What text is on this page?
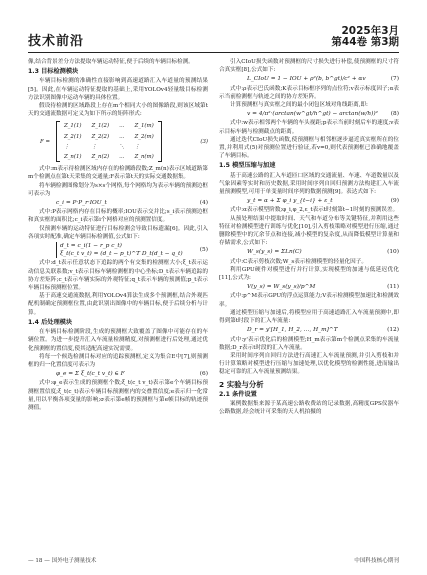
技术前沿
2025年3月
第44卷 第3期

像,结合背景差分方法提取车辆运动特征,便于后续的车辆目标检测。

1.3 目标检测模块

车辆目标检测的准确性直接影响到高速道路汇入车道量的预测结果[5]。因此,在车辆运动特征提取的基础上,采用YOLOv4轻量级目标检测方法识别图像中运动车辆的具体位置。

假设待检测的区域路段上存在m个相同大小的图像路段,则该区域第t天的交通流数据可定义为如下所示的矩阵形式:

F =
Z_1(1) Z_1(2) … Z_1(m)
Z_2(1) Z_2(2) … Z_2(m)
⋮	⋮	⋱ ⋮
Z_n(1) Z_n(2) … Z_n(m)
(3)

式中:m表示待检测区域内存在的检测路段数;Z_m(n)表示区域道路第m个检测点在第t天采集的交通量;F表示第t天的实际交通数据集。

将车辆检测图像划分为s×s个网格,每个网格均为表示车辆的预测边框可表示为

c_i = P·P_r·IOU_t	(4)

式中:P表示网格内存在目标的概率;IOU表示交并比;s_i表示预测边框和真实框的面积比;c_i表示第i个网格对应的预测置信度。

仅预测车辆的运动特征进行目标检测会导致目标遗漏[6]。因此,引入各项实时配准,确定车辆目标检测值,公式如下:

d_t = c_i(1 − r_p c_t)
ξ_t(c_t v_t) = (d_t − p_t)^T D_t(d_t − q_t)
(5)

式中:d_t表示任意状态下追踪的两个有交集的检测框大小;ξ_t表示运动信息关联系数;v_t表示目标车辆检测框的中心坐标;D_t表示车辆追踪的协方差矩阵;c_t表示车辆实际的外观特征;q_t表示车辆的预测值;p_t表示车辆目标预测框位置。

基于高速交通流数据,利用YOLOv4算法生成多个预测框,结合外观匹配机制确定预测框位置,由此识别出图像中的车辆目标,便于后续分析与计算。

1.4 后处理模块

在车辆目标检测阶段,生成的预测框大致覆盖了图像中可能存在的车辆位置。为进一步提升汇入车流量检测精度,对预测框进行后处理,通过优化预测框的置信度,使其适配高速实况需要。

将每一个候选检测目标对应的追踪预测框,定义为集合E中[7],则预测框的归一化置信度可表示为

φ_e = Σ ξ_t(c_t v_t) ∈ F	(6)

式中:φ_e表示生成的预测框个数;ξ_t(c_t v_t)表示第e个车辆目标预测框置信度;ξ_t(c_t)表示车辆目标预测框内的交叠置信度;e表示归一化常量,用以平衡各项变量的影响;σ表示第e帧的预测框与第e帧目标的轨迹预测值。

引入CIoU损失函数对预测框的尺寸损失进行补偿,使预测框的尺寸符合真实框[8],公式如下:

L_CIoU = 1 − IOU + ρ²(b, b^gt)/c² + αv	(7)

式中:ρ表示巴氏函数;K表示目标框序列的点位符;v表示标度因子;α表示当前检测框与轨迹之间的协方差矩阵。

计算预测框与真实框之间的最小闭包区域对角线距离,即:

v = 4/π²·(arctan(w^gt/h^gt) − arctan(w/h))² (8)

式中:w表示相邻两个车辆的车头视距;p表示当前时刻后车的速度;v表示目标车辆与检测截点的距离。

通过迭代CIoU损失函数,使预测框与相邻框逐步逼近真实框所在的位置,并利用式(5)对预测位置进行验证,若v=0,则代表预测框已准确地覆盖了车辆目标。

1.5 模型压缩与加速

基于高速公路的汇入车道匝口区域的交通流量、车速、车道数量以及气象因素等实时和历史数据,采用时间序列自回归预测方法构建汇入车流量预测模型,可用于单变量时间序列的数据预测[9]。表达式如下:

y_t = α + Σ φ_i y_{t−i} + ε_t	(9)

式中:α表示模型阶数;φ_i,φ_2,ε_t表示t时刻第t−1时刻的预测误差。

从预处理结果中提取时间、天气和车道分布等关键特征,并利用这些特征对检测模型进行训练与优化[10],引入剪枝策略对模型进行压缩,通过删除模型中的冗余节点和连接,减小模型的复杂度,从而降低模型计算量和存储需求,公式如下:

W_s(y_s) = ΣLn(C)	(10)

式中:C表示剪枝次数;W_s表示检测模型的轻量化因子。

利用GPU硬件对模型进行并行计算,实现模型的加速与低延迟优化[11],公式为:

V(y_s) = W_s(y_s)/p^M	(11)

式中:p^M表示GPU的浮点运算能力;V表示检测模型加速比和检测效率。

通过模型压缩与加速后,将模型应用于高速道路汇入车流量预测中,即得到第t时段下的汇入车流量:

D_r = y'[H_1, H_2, …, H_m]^T	(12)

式中:y'表示优化后的检测模型;H_m表示第m个检测点采集的车流量数据;D_r表示t时段的汇入车流量。

采用时间序列自回归方法进行高速汇入车流量预测,并引入剪枝和并行计算策略对模型进行压缩与加速处理,以优化模型的检测性能,进而输出稳定可靠的汇入车流量预测结果。

2 实验与分析
2.1 条件设置

案例数据集来源于某高速公路收费站的记录数据,高精度GPS仪器车公路数据,经会统计可采集的天人机拍摄的

— 18 — 国外电子测量技术	中国科技核心期刊
